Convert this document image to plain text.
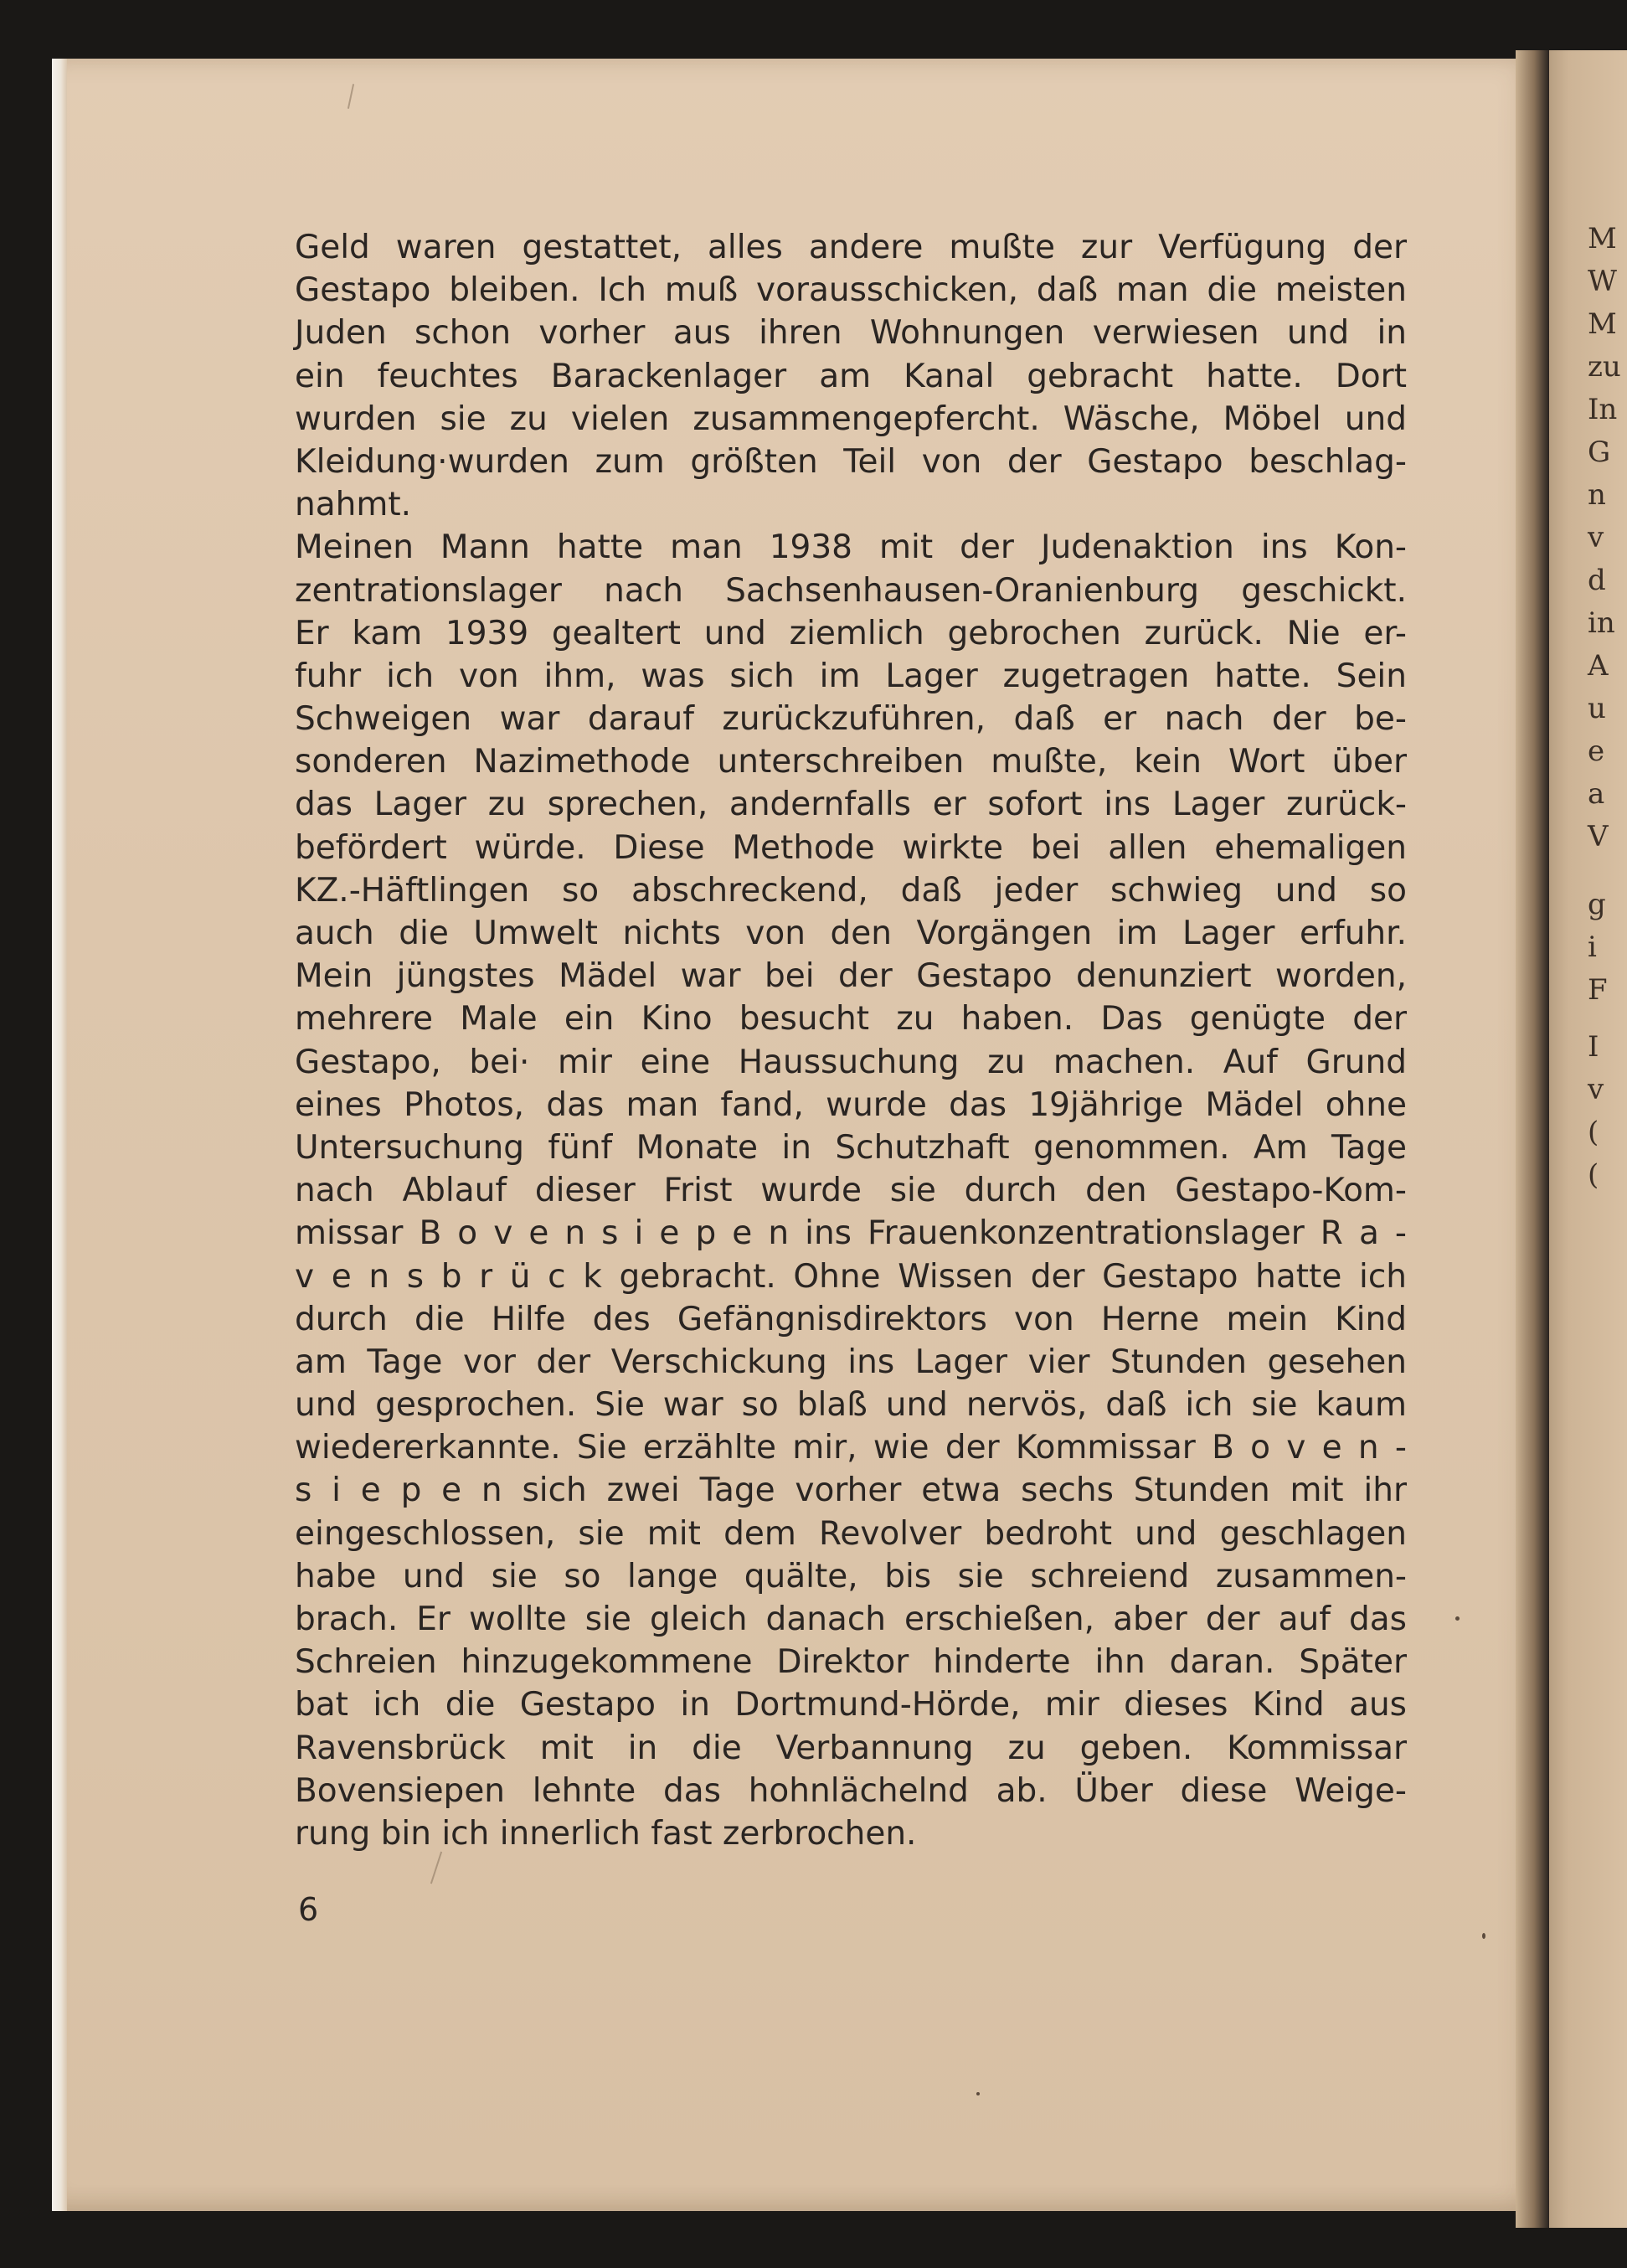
M
W
M
zu
In
G
n
v
d
in
A
u
e
a
V
g
i
F
I
v
(
(
Geld waren gestattet, alles andere mußte zur Verfügung der
Gestapo bleiben. Ich muß vorausschicken, daß man die meisten
Juden schon vorher aus ihren Wohnungen verwiesen und in
ein feuchtes Barackenlager am Kanal gebracht hatte. Dort
wurden sie zu vielen zusammengepfercht. Wäsche, Möbel und
Kleidung·wurden zum größten Teil von der Gestapo beschlag-
nahmt.
Meinen Mann hatte man 1938 mit der Judenaktion ins Kon-
zentrationslager nach Sachsenhausen-Oranienburg geschickt.
Er kam 1939 gealtert und ziemlich gebrochen zurück. Nie er-
fuhr ich von ihm, was sich im Lager zugetragen hatte. Sein
Schweigen war darauf zurückzuführen, daß er nach der be-
sonderen Nazimethode unterschreiben mußte, kein Wort über
das Lager zu sprechen, andernfalls er sofort ins Lager zurück-
befördert würde. Diese Methode wirkte bei allen ehemaligen
KZ.-Häftlingen so abschreckend, daß jeder schwieg und so
auch die Umwelt nichts von den Vorgängen im Lager erfuhr.
Mein jüngstes Mädel war bei der Gestapo denunziert worden,
mehrere Male ein Kino besucht zu haben. Das genügte der
Gestapo, bei· mir eine Haussuchung zu machen. Auf Grund
eines Photos, das man fand, wurde das 19jährige Mädel ohne
Untersuchung fünf Monate in Schutzhaft genommen. Am Tage
nach Ablauf dieser Frist wurde sie durch den Gestapo-Kom-
missar B o v e n s i e p e n ins Frauenkonzentrationslager R a -
v e n s b r ü c k gebracht. Ohne Wissen der Gestapo hatte ich
durch die Hilfe des Gefängnisdirektors von Herne mein Kind
am Tage vor der Verschickung ins Lager vier Stunden gesehen
und gesprochen. Sie war so blaß und nervös, daß ich sie kaum
wiedererkannte. Sie erzählte mir, wie der Kommissar B o v e n -
s i e p e n sich zwei Tage vorher etwa sechs Stunden mit ihr
eingeschlossen, sie mit dem Revolver bedroht und geschlagen
habe und sie so lange quälte, bis sie schreiend zusammen-
brach. Er wollte sie gleich danach erschießen, aber der auf das
Schreien hinzugekommene Direktor hinderte ihn daran. Später
bat ich die Gestapo in Dortmund-Hörde, mir dieses Kind aus
Ravensbrück mit in die Verbannung zu geben. Kommissar
Bovensiepen lehnte das hohnlächelnd ab. Über diese Weige-
rung bin ich innerlich fast zerbrochen.
6
